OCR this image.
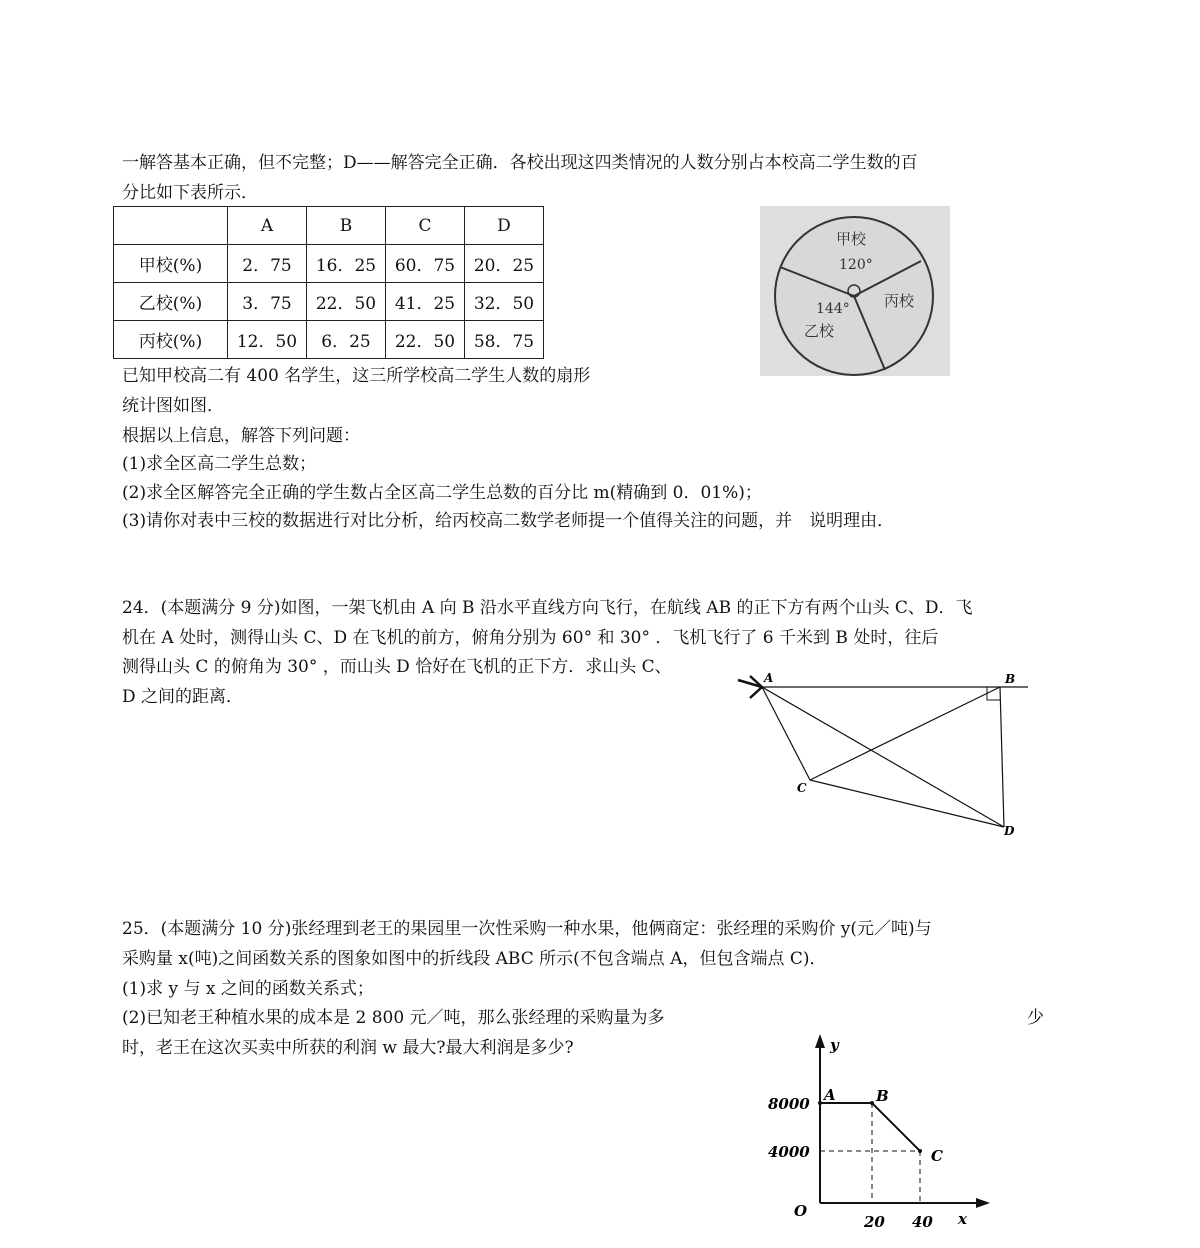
一解答基本正确，但不完整；D——解答完全正确．各校出现这四类情况的人数分别占本校高二学生数的百
分比如下表所示．
	A	B	C	D
甲校(%)	2．75	16．25	60．75	20．25
乙校(%)	3．75	22．50	41．25	32．50
丙校(%)	12．50	6．25	22．50	58．75
甲校
120°
144°
乙校
丙校
已知甲校高二有 400 名学生，这三所学校高二学生人数的扇形
统计图如图．
根据以上信息，解答下列问题：
(1)求全区高二学生总数；
(2)求全区解答完全正确的学生数占全区高二学生总数的百分比 m(精确到 0．01%)；
(3)请你对表中三校的数据进行对比分析，给丙校高二数学老师提一个值得关注的问题，并　说明理由．
24．(本题满分 9 分)如图，一架飞机由 A 向 B 沿水平直线方向飞行，在航线 AB 的正下方有两个山头 C、D．飞
机在 A 处时，测得山头 C、D 在飞机的前方，俯角分别为 60° 和 30° ．飞机飞行了 6 千米到 B 处时，往后
测得山头 C 的俯角为 30° ，而山头 D 恰好在飞机的正下方．求山头 C、
D 之间的距离．
A	B
C
D
25．(本题满分 10 分)张经理到老王的果园里一次性采购一种水果，他俩商定：张经理的采购价 y(元／吨)与
采购量 x(吨)之间函数关系的图象如图中的折线段 ABC 所示(不包含端点 A，但包含端点 C)．
(1)求 y 与 x 之间的函数关系式；
(2)已知老王种植水果的成本是 2 800 元／吨，那么张经理的采购量为多	少
时，老王在这次买卖中所获的利润 w 最大?最大利润是多少?	y
x
O
8000
4000
20 40
A	B
C
